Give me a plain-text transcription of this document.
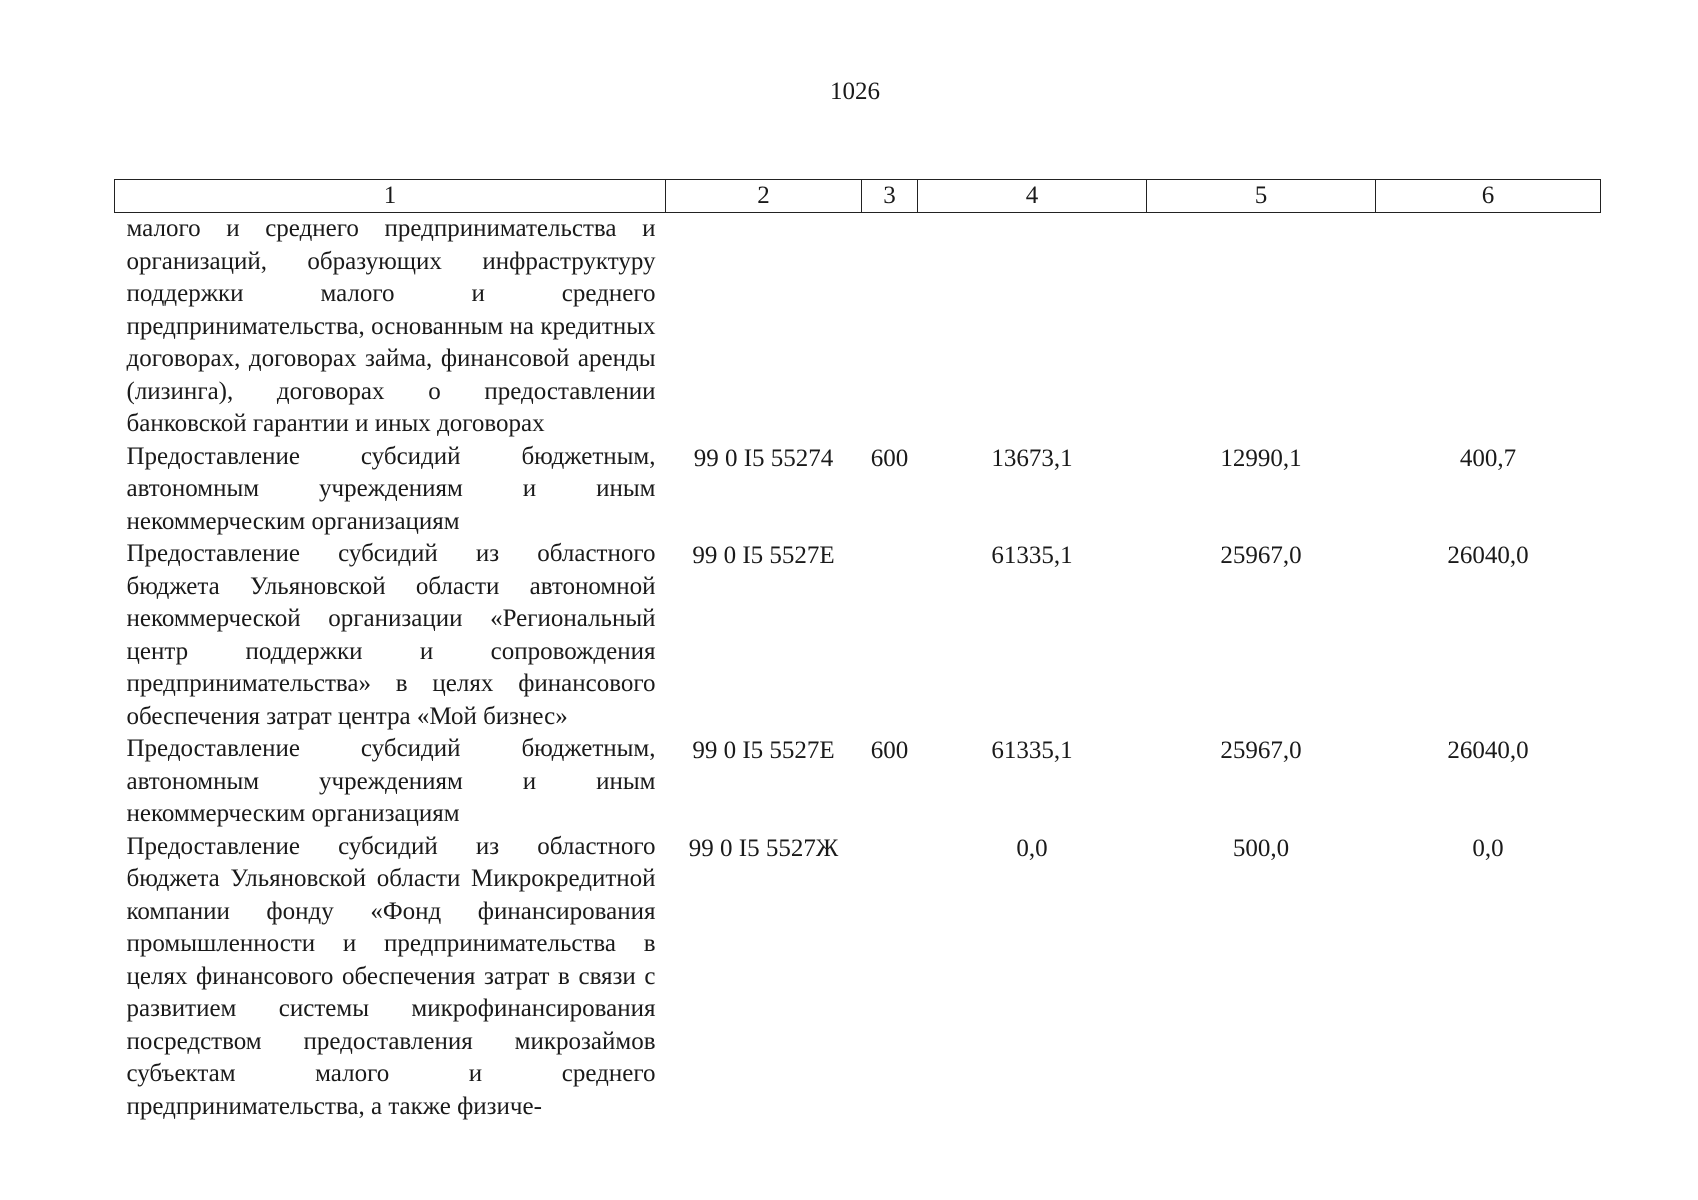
1026
1	2	3	4	5	6
малого и среднего предпринимательства и организаций, образующих инфраструктуру поддержки малого и среднего предпринимательства, основанным на кредитных договорах, договорах займа, финансовой аренды (лизинга), договорах о предоставлении банковской гарантии и иных договорах					
Предоставление субсидий бюджетным, автономным учреждениям и иным некоммерческим организациям	99 0 I5 55274	600	13673,1	12990,1	400,7
Предоставление субсидий из областного бюджета Ульяновской области автономной некоммерческой организации «Региональный центр поддержки и сопровождения предпринимательства» в целях финансового обеспечения затрат центра «Мой бизнес»	99 0 I5 5527Е		61335,1	25967,0	26040,0
Предоставление субсидий бюджетным, автономным учреждениям и иным некоммерческим организациям	99 0 I5 5527Е	600	61335,1	25967,0	26040,0
Предоставление субсидий из областного бюджета Ульяновской области Микрокредитной компании фонду «Фонд финансирования промышленности и предпринимательства в целях финансового обеспечения затрат в связи с развитием системы микрофинансирования посредством предоставления микрозаймов субъектам малого и среднего предпринимательства, а также физиче-	99 0 I5 5527Ж		0,0	500,0	0,0
